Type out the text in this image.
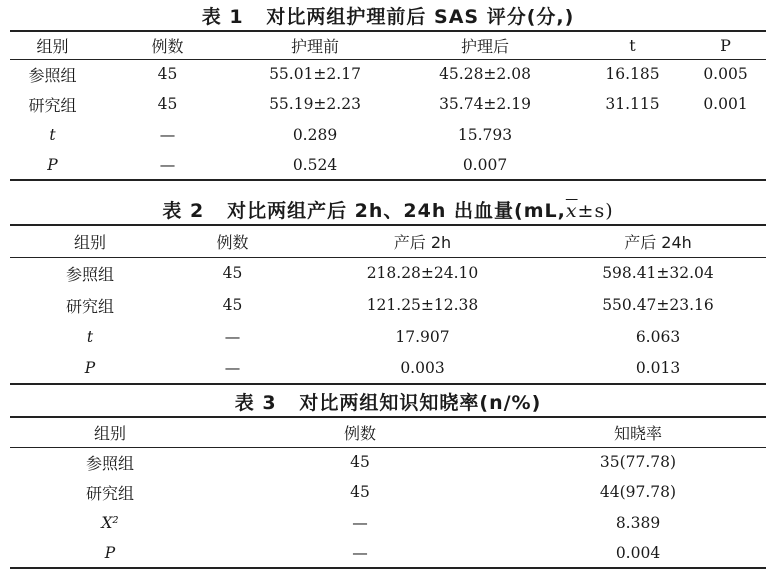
表 1 对比两组护理前后 SAS 评分(分,)
组别	例数	护理前	护理后	t	P
参照组	45	55.01±2.17	45.28±2.08	16.185	0.005
研究组	45	55.19±2.23	35.74±2.19	31.115	0.001
t	—	0.289	15.793		
P	—	0.524	0.007		
表 2 对比两组产后 2h、24h 出血量$(mL,\overline{x}\pm s)$
组别	例数	产后 2h	产后 24h
参照组	45	218.28±24.10	598.41±32.04
研究组	45	121.25±12.38	550.47±23.16
t	—	17.907	6.063
P	—	0.003	0.013
表 3 对比两组知识知晓率(n/%)
组别	例数	知晓率
参照组	45	35(77.78)
研究组	45	44(97.78)
X²	—	8.389
P	—	0.004
